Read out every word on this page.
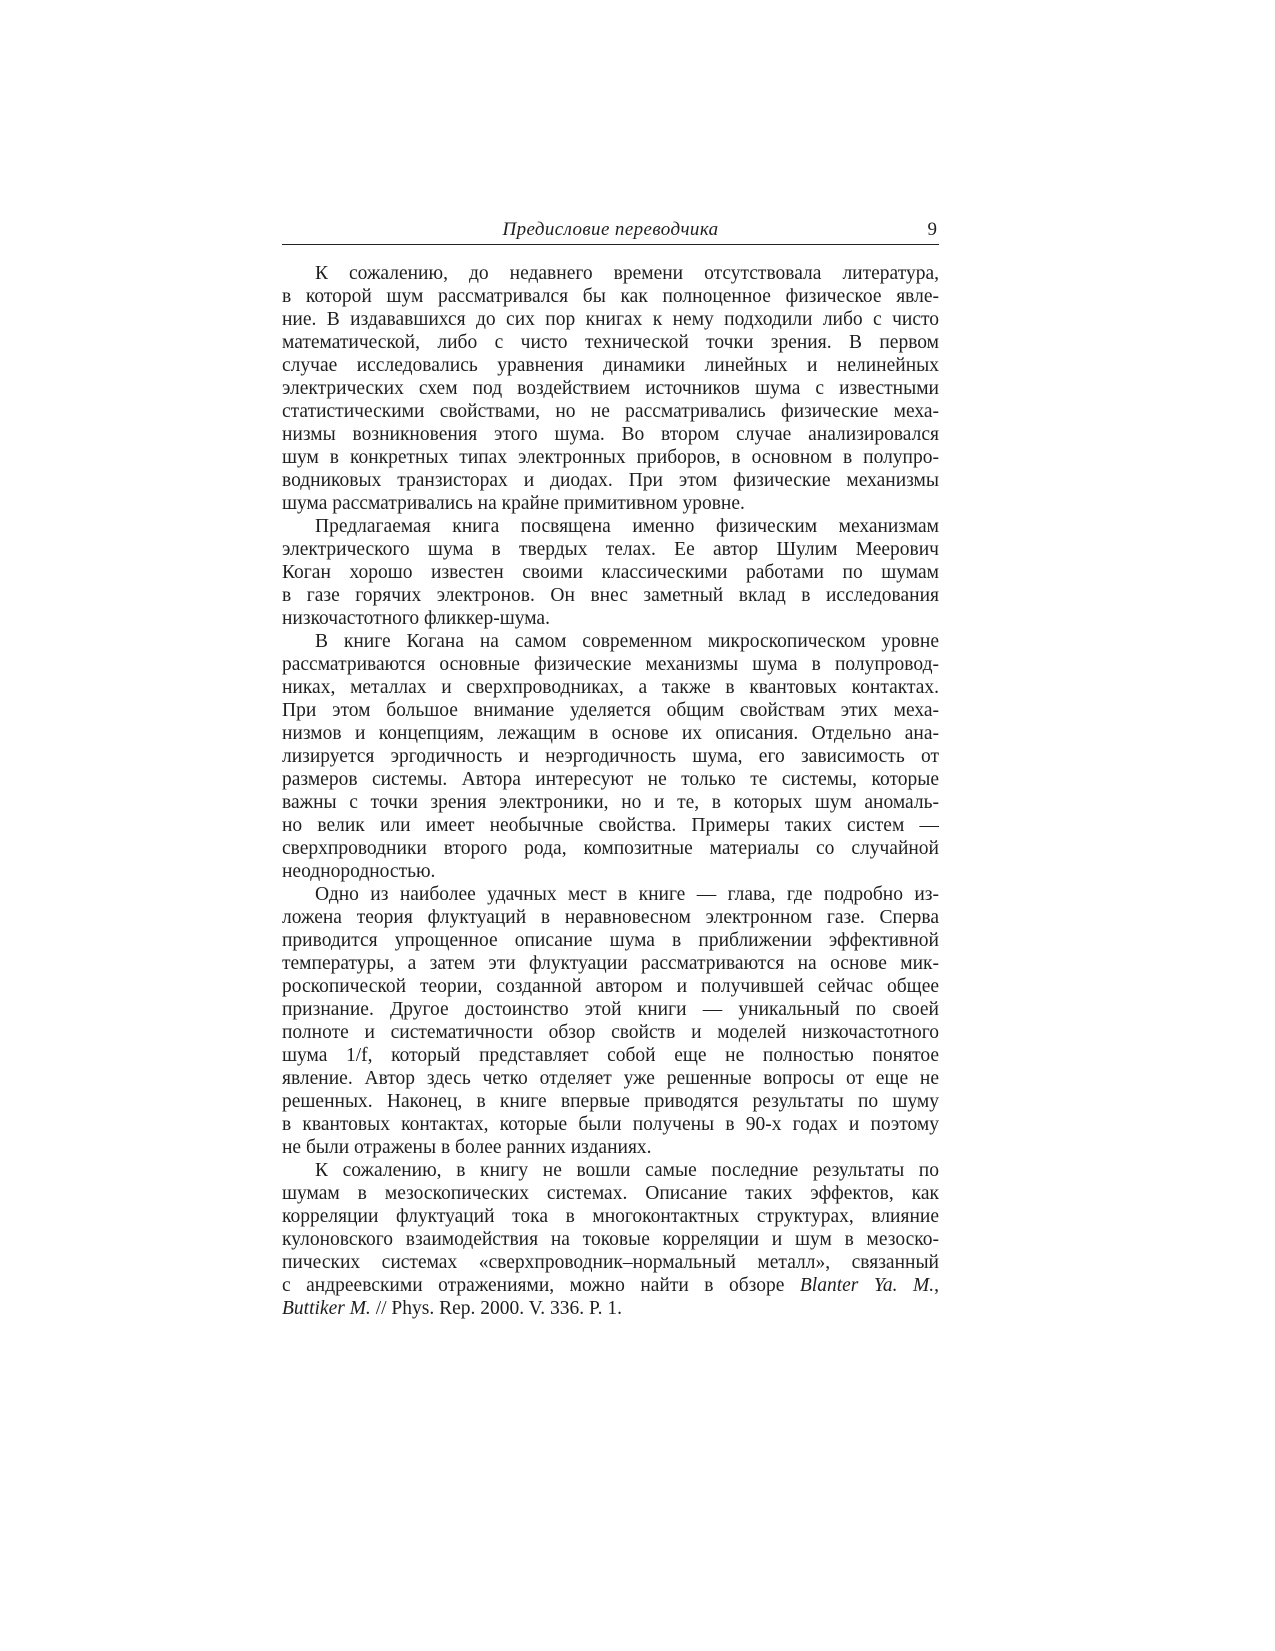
Предисловие переводчика	9
К сожалению, до недавнего времени отсутствовала литература,
в которой шум рассматривался бы как полноценное физическое явле-
ние. В издававшихся до сих пор книгах к нему подходили либо с чисто
математической, либо с чисто технической точки зрения. В первом
случае исследовались уравнения динамики линейных и нелинейных
электрических схем под воздействием источников шума с известными
статистическими свойствами, но не рассматривались физические меха-
низмы возникновения этого шума. Во втором случае анализировался
шум в конкретных типах электронных приборов, в основном в полупро-
водниковых транзисторах и диодах. При этом физические механизмы
шума рассматривались на крайне примитивном уровне.
Предлагаемая книга посвящена именно физическим механизмам
электрического шума в твердых телах. Ее автор Шулим Меерович
Коган хорошо известен своими классическими работами по шумам
в газе горячих электронов. Он внес заметный вклад в исследования
низкочастотного фликкер-шума.
В книге Когана на самом современном микроскопическом уровне
рассматриваются основные физические механизмы шума в полупровод-
никах, металлах и сверхпроводниках, а также в квантовых контактах.
При этом большое внимание уделяется общим свойствам этих меха-
низмов и концепциям, лежащим в основе их описания. Отдельно ана-
лизируется эргодичность и неэргодичность шума, его зависимость от
размеров системы. Автора интересуют не только те системы, которые
важны с точки зрения электроники, но и те, в которых шум аномаль-
но велик или имеет необычные свойства. Примеры таких систем —
сверхпроводники второго рода, композитные материалы со случайной
неоднородностью.
Одно из наиболее удачных мест в книге — глава, где подробно из-
ложена теория флуктуаций в неравновесном электронном газе. Сперва
приводится упрощенное описание шума в приближении эффективной
температуры, а затем эти флуктуации рассматриваются на основе мик-
роскопической теории, созданной автором и получившей сейчас общее
признание. Другое достоинство этой книги — уникальный по своей
полноте и систематичности обзор свойств и моделей низкочастотного
шума 1/f, который представляет собой еще не полностью понятое
явление. Автор здесь четко отделяет уже решенные вопросы от еще не
решенных. Наконец, в книге впервые приводятся результаты по шуму
в квантовых контактах, которые были получены в 90-х годах и поэтому
не были отражены в более ранних изданиях.
К сожалению, в книгу не вошли самые последние результаты по
шумам в мезоскопических системах. Описание таких эффектов, как
корреляции флуктуаций тока в многоконтактных структурах, влияние
кулоновского взаимодействия на токовые корреляции и шум в мезоско-
пических системах «сверхпроводник–нормальный металл», связанный
с андреевскими отражениями, можно найти в обзоре Blanter Ya. M.,
Buttiker M. // Phys. Rep. 2000. V. 336. P. 1.
